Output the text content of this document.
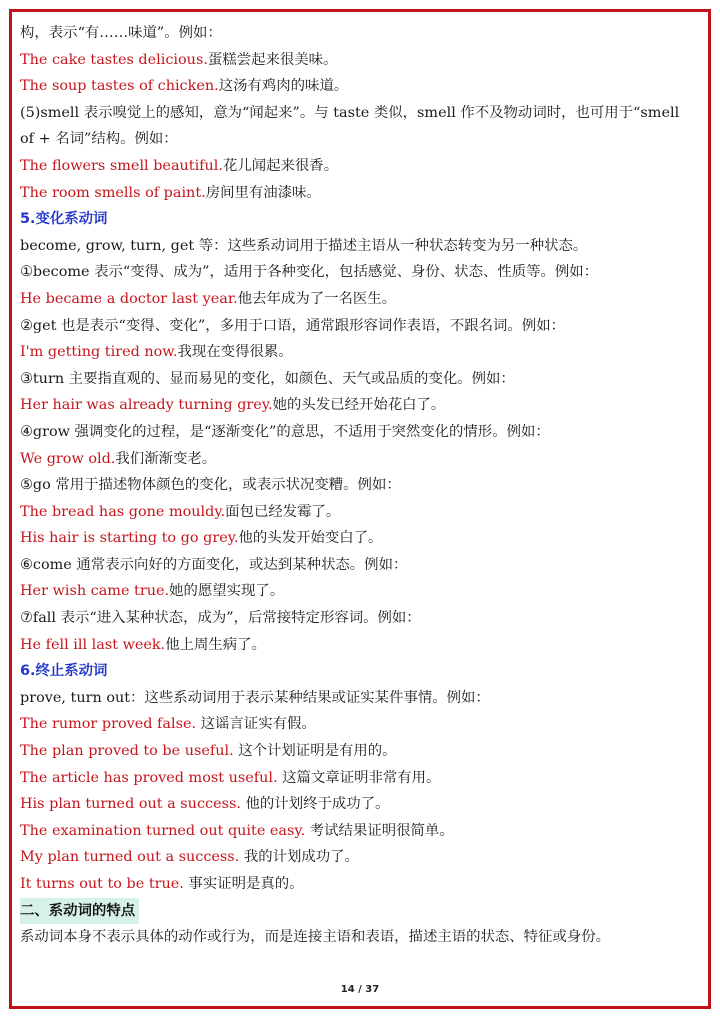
构，表示“有……味道”。例如：
The cake tastes delicious.蛋糕尝起来很美味。
The soup tastes of chicken.这汤有鸡肉的味道。
(5)smell 表示嗅觉上的感知，意为“闻起来”。与 taste 类似，smell 作不及物动词时，也可用于“smell
of + 名词”结构。例如：
The flowers smell beautiful.花儿闻起来很香。
The room smells of paint.房间里有油漆味。
5.变化系动词
become, grow, turn, get 等：这些系动词用于描述主语从一种状态转变为另一种状态。
①become 表示“变得、成为”，适用于各种变化，包括感觉、身份、状态、性质等。例如：
He became a doctor last year.他去年成为了一名医生。
②get 也是表示“变得、变化”，多用于口语，通常跟形容词作表语，不跟名词。例如：
I'm getting tired now.我现在变得很累。
③turn 主要指直观的、显而易见的变化，如颜色、天气或品质的变化。例如：
Her hair was already turning grey.她的头发已经开始花白了。
④grow 强调变化的过程，是“逐渐变化”的意思，不适用于突然变化的情形。例如：
We grow old.我们渐渐变老。
⑤go 常用于描述物体颜色的变化，或表示状况变糟。例如：
The bread has gone mouldy.面包已经发霉了。
His hair is starting to go grey.他的头发开始变白了。
⑥come 通常表示向好的方面变化，或达到某种状态。例如：
Her wish came true.她的愿望实现了。
⑦fall 表示“进入某种状态，成为”，后常接特定形容词。例如：
He fell ill last week.他上周生病了。
6.终止系动词
prove, turn out：这些系动词用于表示某种结果或证实某件事情。例如：
The rumor proved false. 这谣言证实有假。
The plan proved to be useful. 这个计划证明是有用的。
The article has proved most useful. 这篇文章证明非常有用。
His plan turned out a success. 他的计划终于成功了。
The examination turned out quite easy. 考试结果证明很简单。
My plan turned out a success. 我的计划成功了。
It turns out to be true. 事实证明是真的。
二、系动词的特点
系动词本身不表示具体的动作或行为，而是连接主语和表语，描述主语的状态、特征或身份。
14 / 37
